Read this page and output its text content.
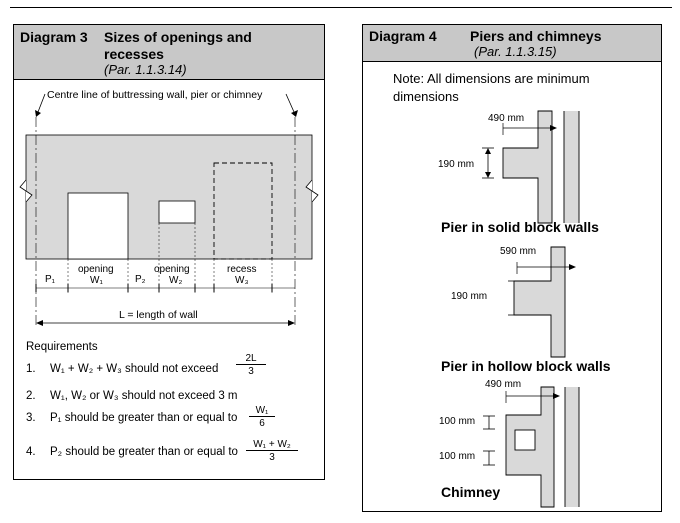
Diagram 3 Sizes of openings and
recesses
(Par. 1.1.3.14)
Centre line of buttressing wall, pier or chimney
P₁
opening
W₁	P₂
opening
W₂
recess
W₃
L = length of wall
Requirements
1. W₁ + W₂ + W₃ should not exceed $\frac{2L}{3}$
2. W₁, W₂ or W₃ should not exceed 3 m
3. P₁ should be greater than or equal to $\frac{\text{W₁}}{6}$
4. P₂ should be greater than or equal to $\frac{\text{W₁ + W₂}}{3}$
Diagram 4 Piers and chimneys
(Par. 1.1.3.15)
Note: All dimensions are minimum
dimensions
490 mm
190 mm
Pier in solid block walls
590 mm
190 mm
Pier in hollow block walls
490 mm
100 mm
100 mm
Chimney
